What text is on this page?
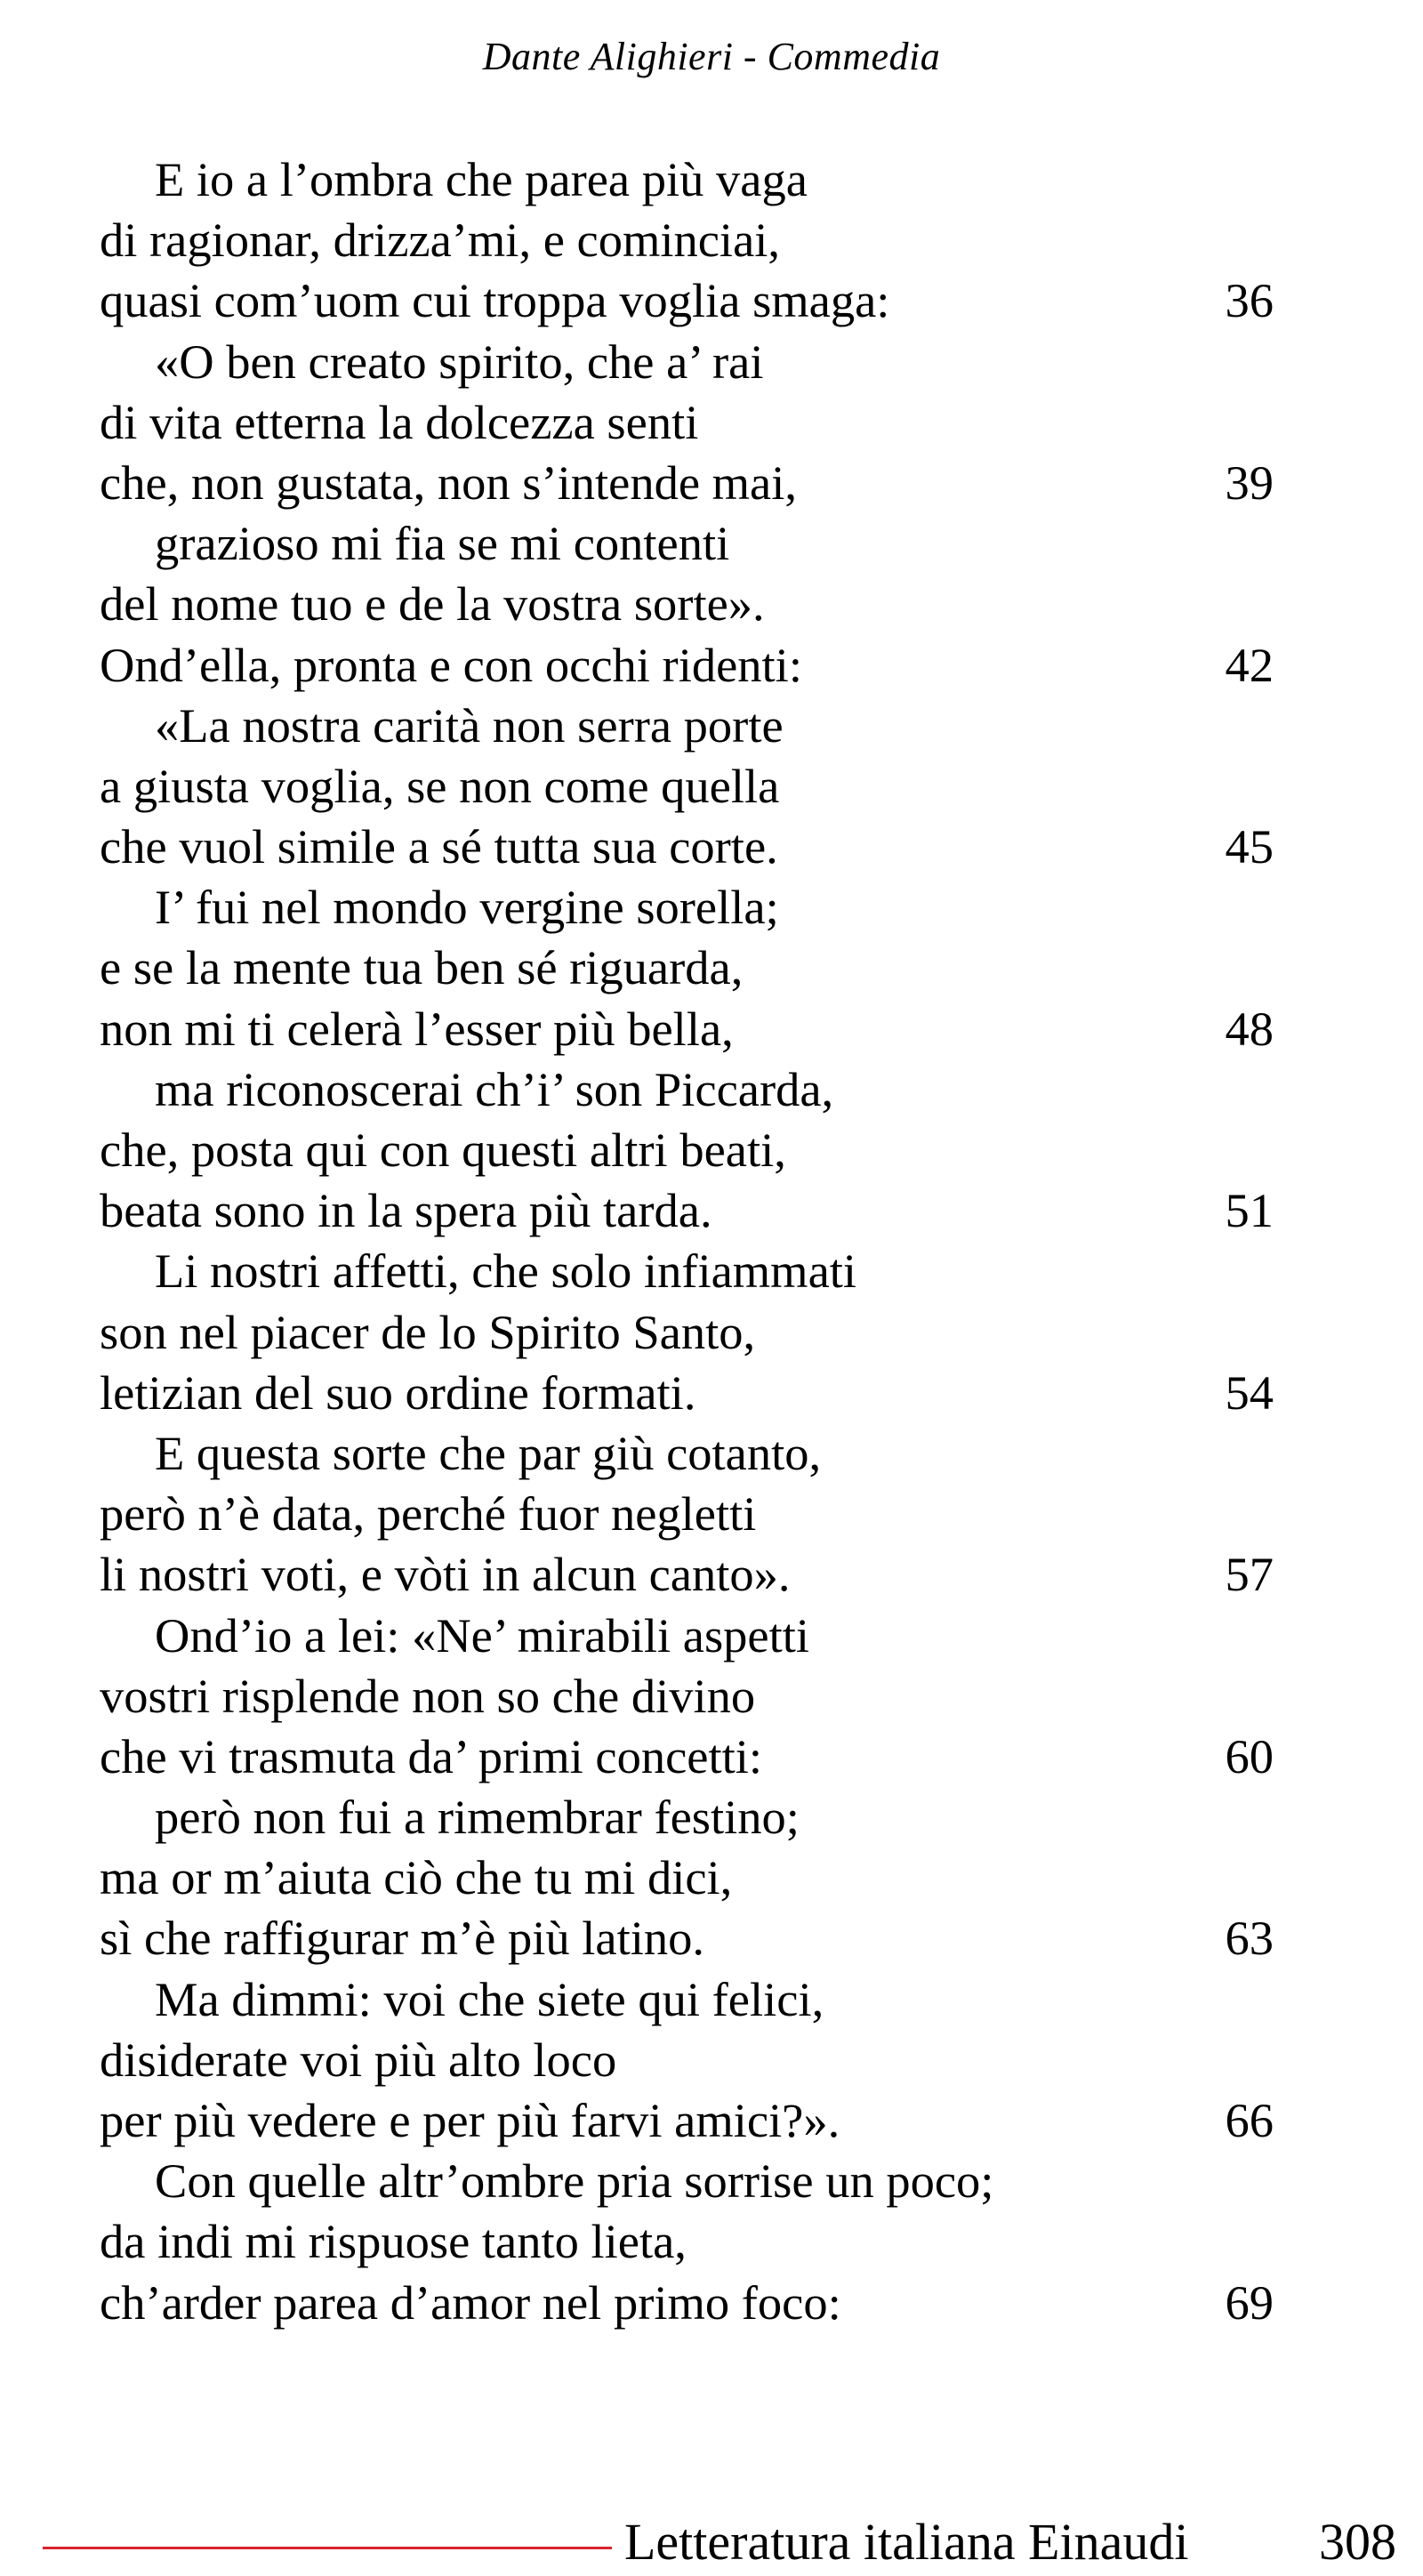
Dante Alighieri - Commedia
E io a l’ombra che parea più vaga
di ragionar, drizza’mi, e cominciai,
quasi com’uom cui troppa voglia smaga:	36
«O ben creato spirito, che a’ rai
di vita etterna la dolcezza senti
che, non gustata, non s’intende mai,	39
grazioso mi fia se mi contenti
del nome tuo e de la vostra sorte».
Ond’ella, pronta e con occhi ridenti:	42
«La nostra carità non serra porte
a giusta voglia, se non come quella
che vuol simile a sé tutta sua corte.	45
I’ fui nel mondo vergine sorella;
e se la mente tua ben sé riguarda,
non mi ti celerà l’esser più bella,	48
ma riconoscerai ch’i’ son Piccarda,
che, posta qui con questi altri beati,
beata sono in la spera più tarda.	51
Li nostri affetti, che solo infiammati
son nel piacer de lo Spirito Santo,
letizian del suo ordine formati.	54
E questa sorte che par giù cotanto,
però n’è data, perché fuor negletti
li nostri voti, e vòti in alcun canto».	57
Ond’io a lei: «Ne’ mirabili aspetti
vostri risplende non so che divino
che vi trasmuta da’ primi concetti:	60
però non fui a rimembrar festino;
ma or m’aiuta ciò che tu mi dici,
sì che raffigurar m’è più latino.	63
Ma dimmi: voi che siete qui felici,
disiderate voi più alto loco
per più vedere e per più farvi amici?».	66
Con quelle altr’ombre pria sorrise un poco;
da indi mi rispuose tanto lieta,
ch’arder parea d’amor nel primo foco:	69
Letteratura italiana Einaudi	308
